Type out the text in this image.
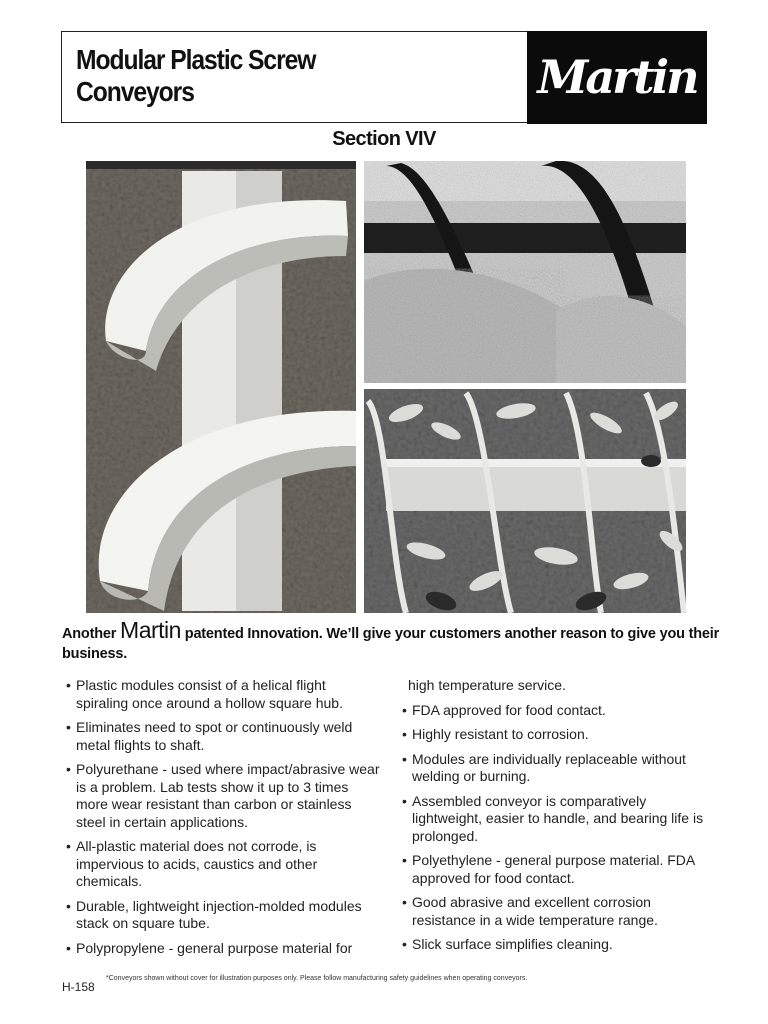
Modular Plastic Screw
Conveyors	Martin
Section VIV

Another Martin patented Innovation. We’ll give your customers another reason to give you their business.

• Plastic modules consist of a helical flight spiraling once around a hollow square hub.
• Eliminates need to spot or continuously weld metal flights to shaft.
• Polyurethane - used where impact/abrasive wear is a problem. Lab tests show it up to 3 times more wear resistant than carbon or stainless steel in certain applications.
• All-plastic material does not corrode, is impervious to acids, caustics and other chemicals.
• Durable, lightweight injection-molded modules stack on square tube.
• Polypropylene - general purpose material for
high temperature service.
• FDA approved for food contact.
• Highly resistant to corrosion.
• Modules are individually replaceable without welding or burning.
• Assembled conveyor is comparatively lightweight, easier to handle, and bearing life is prolonged.
• Polyethylene - general purpose material. FDA approved for food contact.
• Good abrasive and excellent corrosion resistance in a wide temperature range.
• Slick surface simplifies cleaning.

H-158

*Conveyors shown without cover for illustration purposes only. Please follow manufacturing safety guidelines when operating conveyors.
